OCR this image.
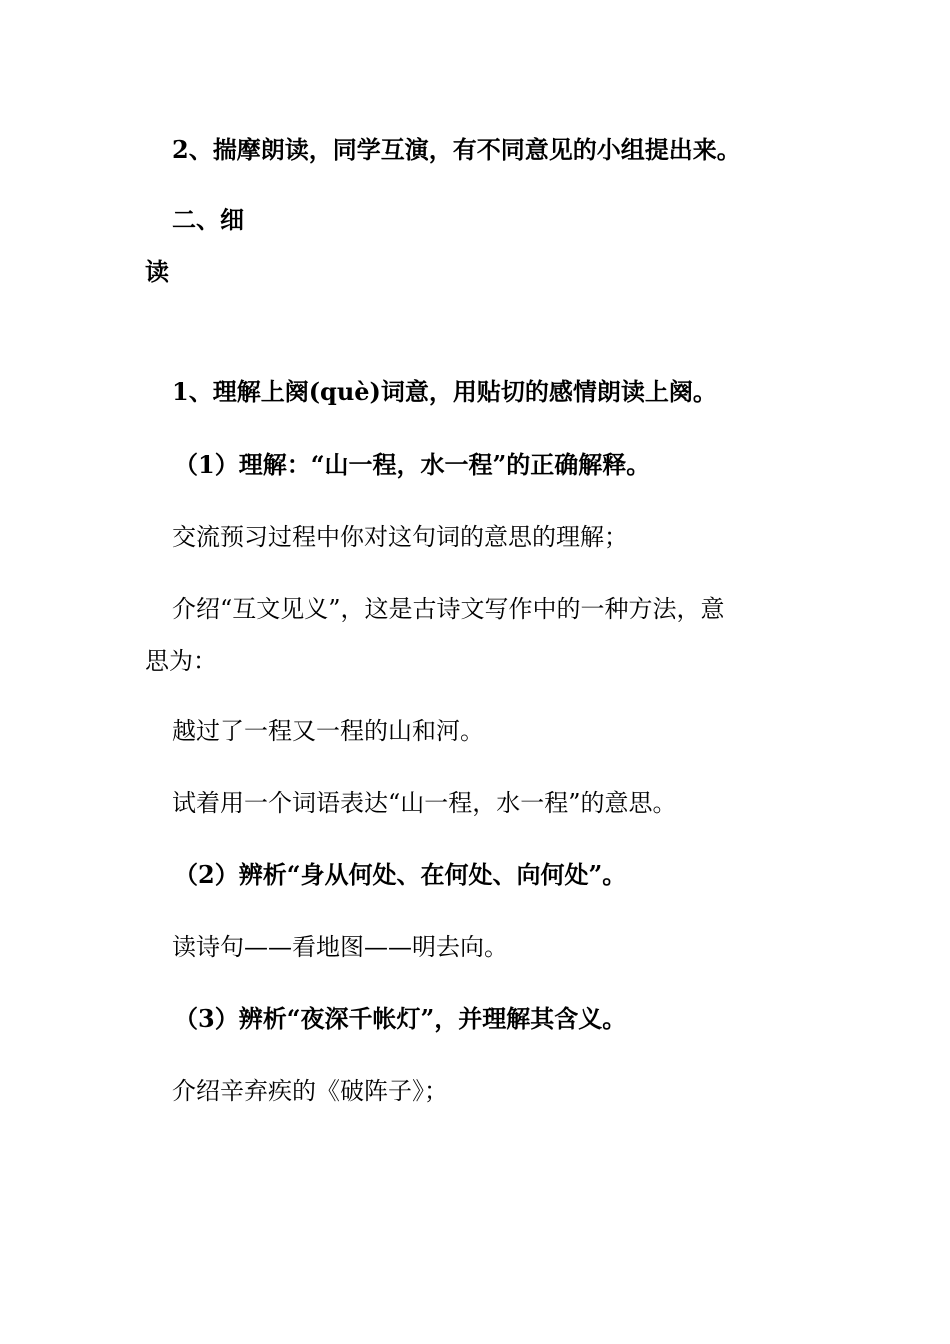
2、揣摩朗读，同学互演，有不同意见的小组提出来。
二、细
读
1、理解上阕(què)词意，用贴切的感情朗读上阕。
（1）理解：“山一程，水一程”的正确解释。
交流预习过程中你对这句词的意思的理解；
介绍“互文见义”，这是古诗文写作中的一种方法，意
思为：
越过了一程又一程的山和河。
试着用一个词语表达“山一程，水一程”的意思。
（2）辨析“身从何处、在何处、向何处”。
读诗句——看地图——明去向。
（3）辨析“夜深千帐灯”，并理解其含义。
介绍辛弃疾的《破阵子》；
